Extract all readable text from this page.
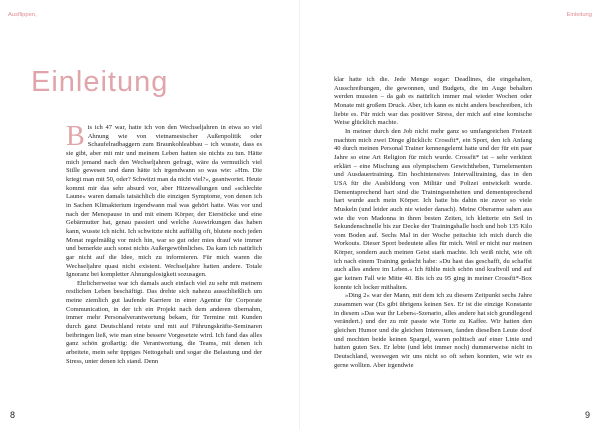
Ausflippen,
Einleitung
B is ich 47 war, hatte ich von den Wechseljahren in etwa so viel Ahnung wie von vietnamesischer Außenpolitik oder Schaufelradbaggern zum Braunkohleabbau – ich wusste, dass es sie gibt, aber mit mir und meinem Leben hatten sie nichts zu tun. Hätte mich jemand nach den Wechseljahren gefragt, wäre da vermutlich viel Stille gewesen und dann hätte ich irgendwann so was wie: »Hm. Die kriegt man mit 50, oder? Schwitzt man da nicht viel?«, geantwortet. Heute kommt mir das sehr absurd vor, aber Hitzewallungen und »schlechte Laune« waren damals tatsächlich die einzigen Symptome, von denen ich in Sachen Klimakterium irgendwann mal was gehört hatte. Was vor und nach der Menopause in und mit einem Körper, der Eierstöcke und eine Gebärmutter hat, genau passiert und welche Auswirkungen das haben kann, wusste ich nicht. Ich schwitzte nicht auffällig oft, blutete noch jeden Monat regelmäßig vor mich hin, war so gut oder mies drauf wie immer und bemerkte auch sonst nichts Außergewöhnliches. Da kam ich natürlich gar nicht auf die Idee, mich zu informieren. Für mich waren die Wechseljahre quasi nicht existent. Wechseljahre hatten andere. Totale Ignoranz bei kompletter Ahnungslosigkeit sozusagen.

Ehrlicherweise war ich damals auch einfach viel zu sehr mit meinem restlichen Leben beschäftigt. Das drehte sich nahezu ausschließlich um meine ziemlich gut laufende Karriere in einer Agentur für Corporate Communication, in der ich ein Projekt nach dem anderen übernahm, immer mehr Personalverantwortung bekam, für Termine mit Kunden durch ganz Deutschland reiste und mit auf Führungskräfte-Seminaren beibringen ließ, wie man eine bessere Vorgesetzte wird. Ich fand das alles ganz schön großartig: die Verantwortung, die Teams, mit denen ich arbeitete, mein sehr üppiges Nettogehalt und sogar die Belastung und der Stress, unter denen ich stand. Denn

8
Einleitung

klar hatte ich die. Jede Menge sogar: Deadlines, die eingehalten, Ausschreibungen, die gewonnen, und Budgets, die im Auge behalten werden mussten – da gab es natürlich immer mal wieder Wochen oder Monate mit großem Druck. Aber, ich kann es nicht anders beschreiben, ich liebte es. Für mich war das positiver Stress, der mich auf eine komische Weise glücklich machte.

In meiner durch den Job nicht mehr ganz so umfangreichen Freizeit machten mich zwei Dinge glücklich: Crossfit*, ein Sport, den ich Anfang 40 durch meinen Personal Trainer kennengelernt hatte und der für ein paar Jahre so eine Art Religion für mich wurde. Crossfit* ist – sehr verkürzt erklärt – eine Mischung aus olympischem Gewichtheben, Turnelementen und Ausdauertraining. Ein hochintensives Intervalltraining, das in den USA für die Ausbildung von Militär und Polizei entwickelt wurde. Dementsprechend hart sind die Trainingseinheiten und dementsprechend hart wurde auch mein Körper. Ich hatte bis dahin nie zuvor so viele Muskeln (und leider auch nie wieder danach). Meine Oberarme sahen aus wie die von Madonna in ihren besten Zeiten, ich kletterte ein Seil in Sekundenschnelle bis zur Decke der Trainingshalle hoch und hob 135 Kilo vom Boden auf. Sechs Mal in der Woche peitschte ich mich durch die Workouts. Dieser Sport bedeutete alles für mich. Weil er nicht nur meinen Körper, sondern auch meinen Geist stark machte. Ich weiß nicht, wie oft ich nach einem Training gedacht habe: »Du hast das geschafft, du schaffst auch alles andere im Leben.« Ich fühlte mich schön und kraftvoll und auf gar keinen Fall wie Mitte 40. Bis ich zu 95 ging in meiner Crossfit*-Box konnte ich locker mithalten.

»Ding 2« war der Mann, mit dem ich zu diesem Zeitpunkt sechs Jahre zusammen war (Es gibt übrigens keinen Sex. Er ist die einzige Konstante in diesem »Das war ihr Leben«-Szenario, alles andere hat sich grundlegend verändert.) und der zu mir passte wie Torte zu Kaffee. Wir hatten den gleichen Humor und die gleichen Interessen, fanden dieselben Leute doof und mochten beide keinen Spargel, waren politisch auf einer Linie und hatten guten Sex. Er lebte (und lebt immer noch) dummerweise nicht in Deutschland, weswegen wir uns nicht so oft sehen konnten, wie wir es gerne wollten. Aber irgendwie

9
